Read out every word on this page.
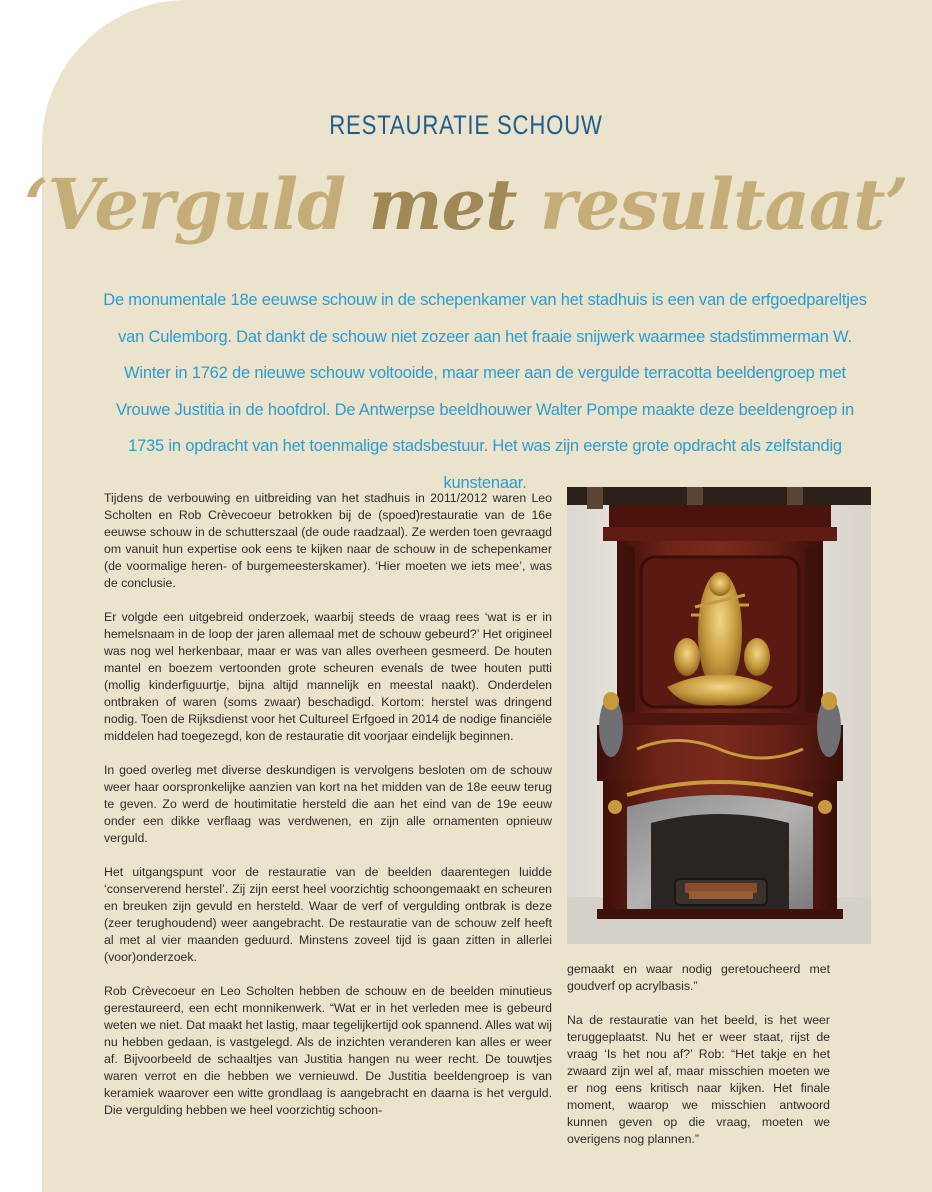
RESTAURATIE SCHOUW
‘Verguld met resultaat’
De monumentale 18e eeuwse schouw in de schepenkamer van het stadhuis is een van de erfgoedpareltjes van Culemborg. Dat dankt de schouw niet zozeer aan het fraaie snijwerk waarmee stadstimmerman W. Winter in 1762 de nieuwe schouw voltooide, maar meer aan de vergulde terracotta beeldengroep met Vrouwe Justitia in de hoofdrol. De Antwerpse beeldhouwer Walter Pompe maakte deze beeldengroep in 1735 in opdracht van het toenmalige stadsbestuur. Het was zijn eerste grote opdracht als zelfstandig kunstenaar.

Tijdens de verbouwing en uitbreiding van het stadhuis in 2011/2012 waren Leo Scholten en Rob Crèvecoeur betrokken bij de (spoed)restauratie van de 16e eeuwse schouw in de schutterszaal (de oude raadzaal). Ze werden toen gevraagd om vanuit hun expertise ook eens te kijken naar de schouw in de schepenkamer (de voormalige heren- of burgemeesterskamer). ‘Hier moeten we iets mee’, was de conclusie.

Er volgde een uitgebreid onderzoek, waarbij steeds de vraag rees ‘wat is er in hemelsnaam in de loop der jaren allemaal met de schouw gebeurd?’ Het origineel was nog wel herkenbaar, maar er was van alles overheen gesmeerd. De houten mantel en boezem vertoonden grote scheuren evenals de twee houten putti (mollig kinderfiguurtje, bijna altijd mannelijk en meestal naakt). Onderdelen ontbraken of waren (soms zwaar) beschadigd. Kortom: herstel was dringend nodig. Toen de Rijksdienst voor het Cultureel Erfgoed in 2014 de nodige financiële middelen had toegezegd, kon de restauratie dit voorjaar eindelijk beginnen.

In goed overleg met diverse deskundigen is vervolgens besloten om de schouw weer haar oorspronkelijke aanzien van kort na het midden van de 18e eeuw terug te geven. Zo werd de houtimitatie hersteld die aan het eind van de 19e eeuw onder een dikke verflaag was verdwenen, en zijn alle ornamenten opnieuw verguld.

Het uitgangspunt voor de restauratie van de beelden daarentegen luidde ‘conserverend herstel’. Zij zijn eerst heel voorzichtig schoongemaakt en scheuren en breuken zijn gevuld en hersteld. Waar de verf of vergulding ontbrak is deze (zeer terughoudend) weer aangebracht. De restauratie van de schouw zelf heeft al met al vier maanden geduurd. Minstens zoveel tijd is gaan zitten in allerlei (voor)onderzoek.

Rob Crèvecoeur en Leo Scholten hebben de schouw en de beelden minutieus gerestaureerd, een echt monnikenwerk. “Wat er in het verleden mee is gebeurd weten we niet. Dat maakt het lastig, maar tegelijkertijd ook spannend. Alles wat wij nu hebben gedaan, is vastgelegd. Als de inzichten veranderen kan alles er weer af. Bijvoorbeeld de schaaltjes van Justitia hangen nu weer recht. De touwtjes waren verrot en die hebben we vernieuwd. De Justitia beeldengroep is van keramiek waarover een witte grondlaag is aangebracht en daarna is het verguld. Die vergulding hebben we heel voorzichtig schoon-

gemaakt en waar nodig geretoucheerd met goudverf op acrylbasis.”

Na de restauratie van het beeld, is het weer teruggeplaatst. Nu het er weer staat, rijst de vraag ‘Is het nou af?’ Rob: “Het takje en het zwaard zijn wel af, maar misschien moeten we er nog eens kritisch naar kijken. Het finale moment, waarop we misschien antwoord kunnen geven op die vraag, moeten we overigens nog plannen.”
